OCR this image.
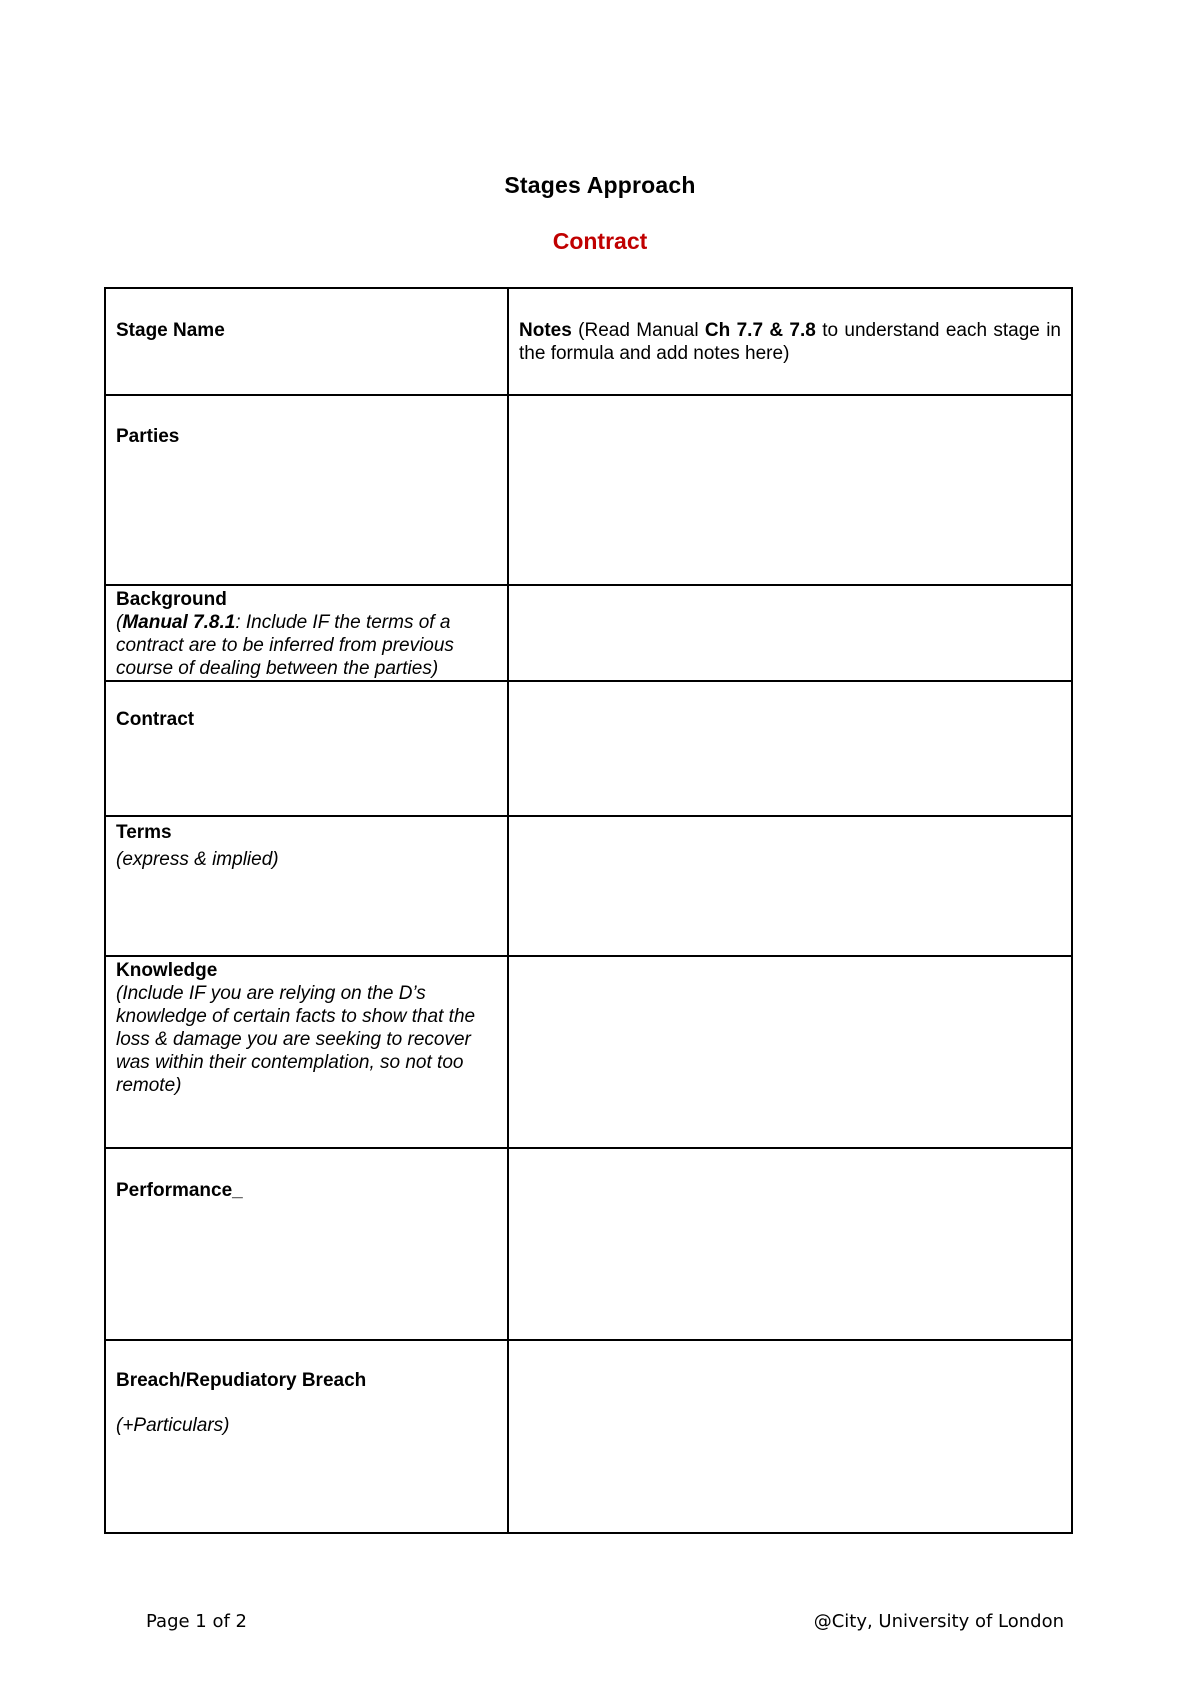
Stages Approach
Contract
Stage Name	Notes (Read Manual Ch 7.7 & 7.8 to understand each stage in the formula and add notes here)

Parties	

Background
(Manual 7.8.1: Include IF the terms of a contract are to be inferred from previous course of dealing between the parties)	

Contract	

Terms
(express & implied)	

Knowledge
(Include IF you are relying on the D’s knowledge of certain facts to show that the loss & damage you are seeking to recover was within their contemplation, so not too remote)	

Performance_	

Breach/Repudiatory Breach
(+Particulars)	

Page 1 of 2	@City, University of London
